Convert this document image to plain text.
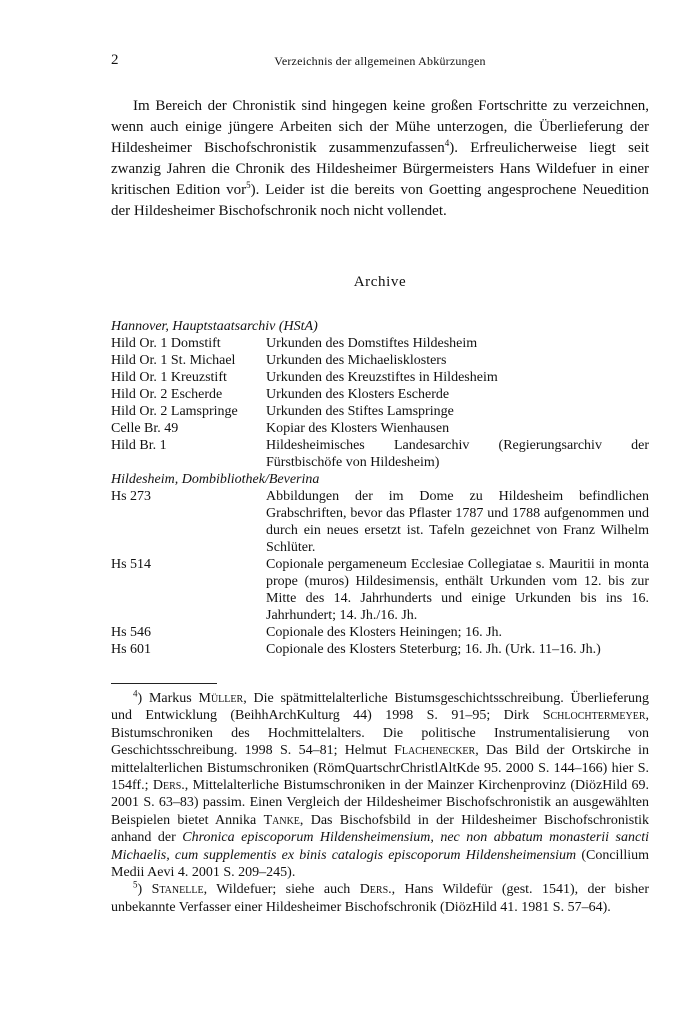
2	Verzeichnis der allgemeinen Abkürzungen

Im Bereich der Chronistik sind hingegen keine großen Fortschritte zu verzeichnen, wenn auch einige jüngere Arbeiten sich der Mühe unterzogen, die Überlieferung der Hildesheimer Bischofschronistik zusammenzufassen$^4$). Erfreulicherweise liegt seit zwanzig Jahren die Chronik des Hildesheimer Bürgermeisters Hans Wildefuer in einer kritischen Edition vor$^5$). Leider ist die bereits von Goetting angesprochene Neuedition der Hildesheimer Bischofschronik noch nicht vollendet.

Archive
Hannover, Hauptstaatsarchiv (HStA)
Hild Or. 1 Domstift	Urkunden des Domstiftes Hildesheim
Hild Or. 1 St. Michael	Urkunden des Michaelisklosters
Hild Or. 1 Kreuzstift	Urkunden des Kreuzstiftes in Hildesheim
Hild Or. 2 Escherde	Urkunden des Klosters Escherde
Hild Or. 2 Lamspringe	Urkunden des Stiftes Lamspringe
Celle Br. 49	Kopiar des Klosters Wienhausen
Hild Br. 1	Hildesheimisches Landesarchiv (Regierungsarchiv der Fürstbischöfe von Hildesheim)
Hildesheim, Dombibliothek/Beverina
Hs 273	Abbildungen der im Dome zu Hildesheim befindlichen Grabschriften, bevor das Pflaster 1787 und 1788 aufgenommen und durch ein neues ersetzt ist. Tafeln gezeichnet von Franz Wilhelm Schlüter.
Hs 514	Copionale pergameneum Ecclesiae Collegiatae s. Mauritii in monta prope (muros) Hildesimensis, enthält Urkunden vom 12. bis zur Mitte des 14. Jahrhunderts und einige Urkunden bis ins 16. Jahrhundert; 14. Jh./16. Jh.
Hs 546	Copionale des Klosters Heiningen; 16. Jh.
Hs 601	Copionale des Klosters Steterburg; 16. Jh. (Urk. 11–16. Jh.)

$^4$) Markus Müller, Die spätmittelalterliche Bistumsgeschichtsschreibung. Überlieferung und Entwicklung (BeihhArchKulturg 44) 1998 S. 91–95; Dirk Schlochtermeyer, Bistumschroniken des Hochmittelalters. Die politische Instrumentalisierung von Geschichtsschreibung. 1998 S. 54–81; Helmut Flachenecker, Das Bild der Ortskirche in mittelalterlichen Bistumschroniken (RömQuartschrChristlAltKde 95. 2000 S. 144–166) hier S. 154ff.; Ders., Mittelalterliche Bistumschroniken in der Mainzer Kirchenprovinz (DiözHild 69. 2001 S. 63–83) passim. Einen Vergleich der Hildesheimer Bischofschronistik an ausgewählten Beispielen bietet Annika Tanke, Das Bischofsbild in der Hildesheimer Bischofschronistik anhand der Chronica episcoporum Hildensheimensium, nec non abbatum monasterii sancti Michaelis, cum supplementis ex binis catalogis episcoporum Hildensheimensium (Concillium Medii Aevi 4. 2001 S. 209–245).

$^5$) Stanelle, Wildefuer; siehe auch Ders., Hans Wildefür (gest. 1541), der bisher unbekannte Verfasser einer Hildesheimer Bischofschronik (DiözHild 41. 1981 S. 57–64).
